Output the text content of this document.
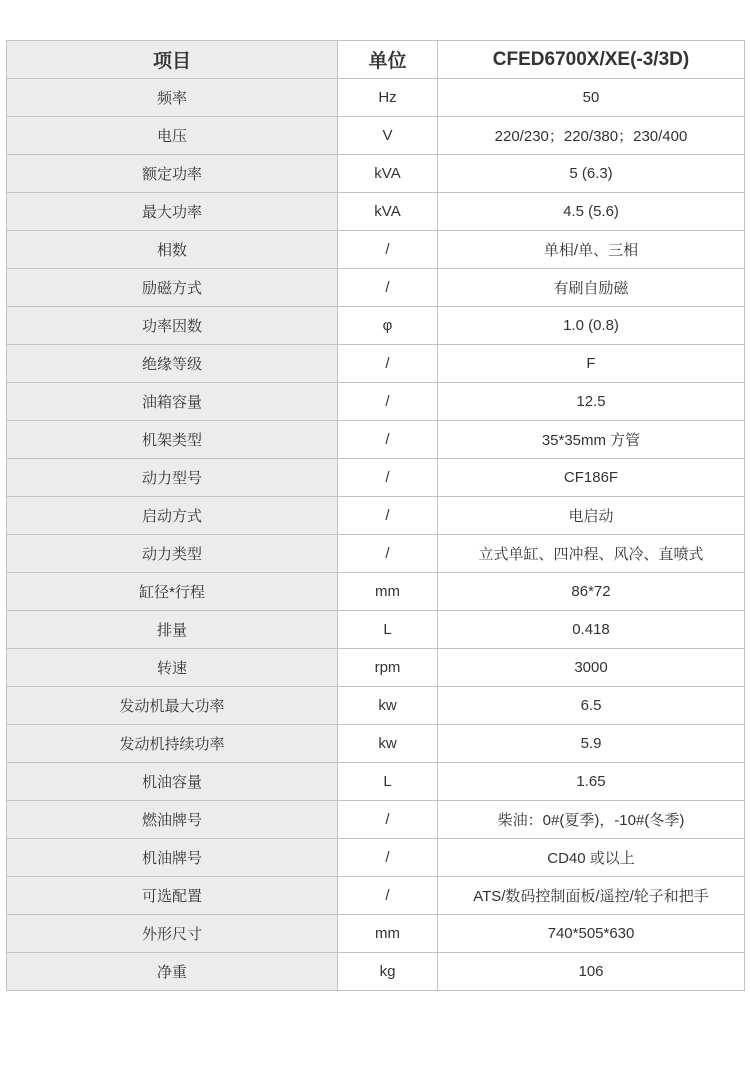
项目	单位	CFED6700X/XE(-3/3D)
频率	Hz	50
电压	V	220/230；220/380；230/400
额定功率	kVA	5 (6.3)
最大功率	kVA	4.5 (5.6)
相数	/	单相/单、三相
励磁方式	/	有刷自励磁
功率因数	φ	1.0 (0.8)
绝缘等级	/	F
油箱容量	/	12.5
机架类型	/	35*35mm 方管
动力型号	/	CF186F
启动方式	/	电启动
动力类型	/	立式单缸、四冲程、风冷、直喷式
缸径*行程	mm	86*72
排量	L	0.418
转速	rpm	3000
发动机最大功率	kw	6.5
发动机持续功率	kw	5.9
机油容量	L	1.65
燃油牌号	/	柴油：0#(夏季)，-10#(冬季)
机油牌号	/	CD40 或以上
可选配置	/	ATS/数码控制面板/遥控/轮子和把手
外形尺寸	mm	740*505*630
净重	kg	106
